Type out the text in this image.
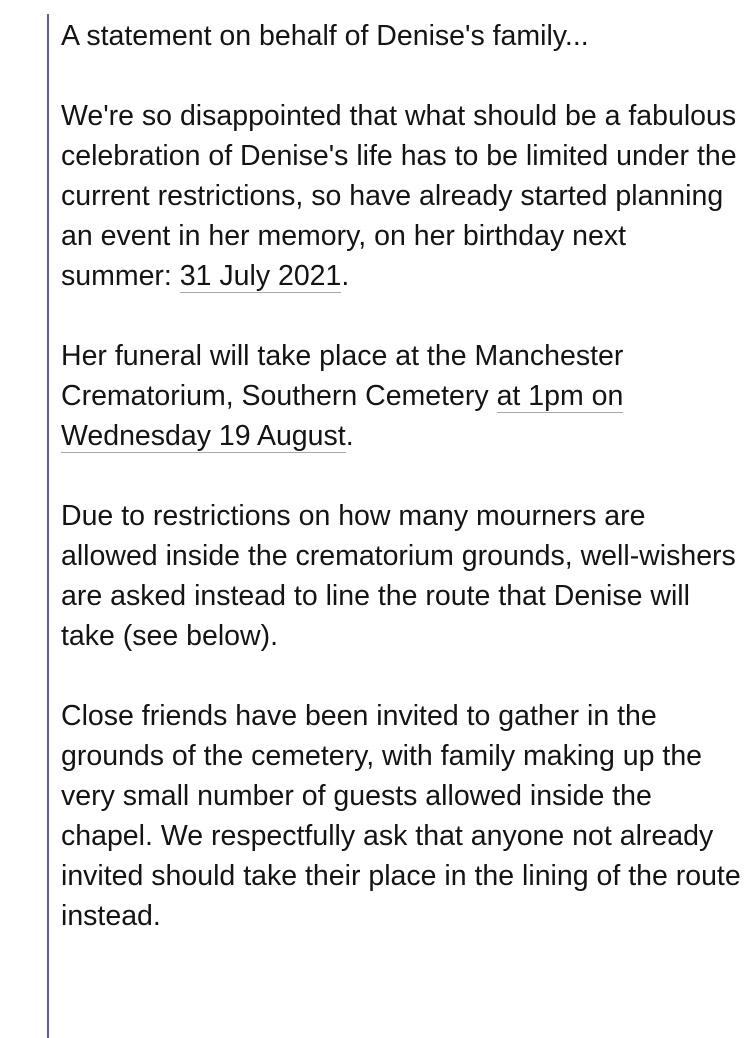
A statement on behalf of Denise's family...

We're so disappointed that what should be a fabulous celebration of Denise's life has to be limited under the current restrictions, so have already started planning an event in her memory, on her birthday next summer: 31 July 2021.

Her funeral will take place at the Manchester Crematorium, Southern Cemetery at 1pm on Wednesday 19 August.

Due to restrictions on how many mourners are allowed inside the crematorium grounds, well-wishers are asked instead to line the route that Denise will take (see below).

Close friends have been invited to gather in the grounds of the cemetery, with family making up the very small number of guests allowed inside the chapel. We respectfully ask that anyone not already invited should take their place in the lining of the route instead.
